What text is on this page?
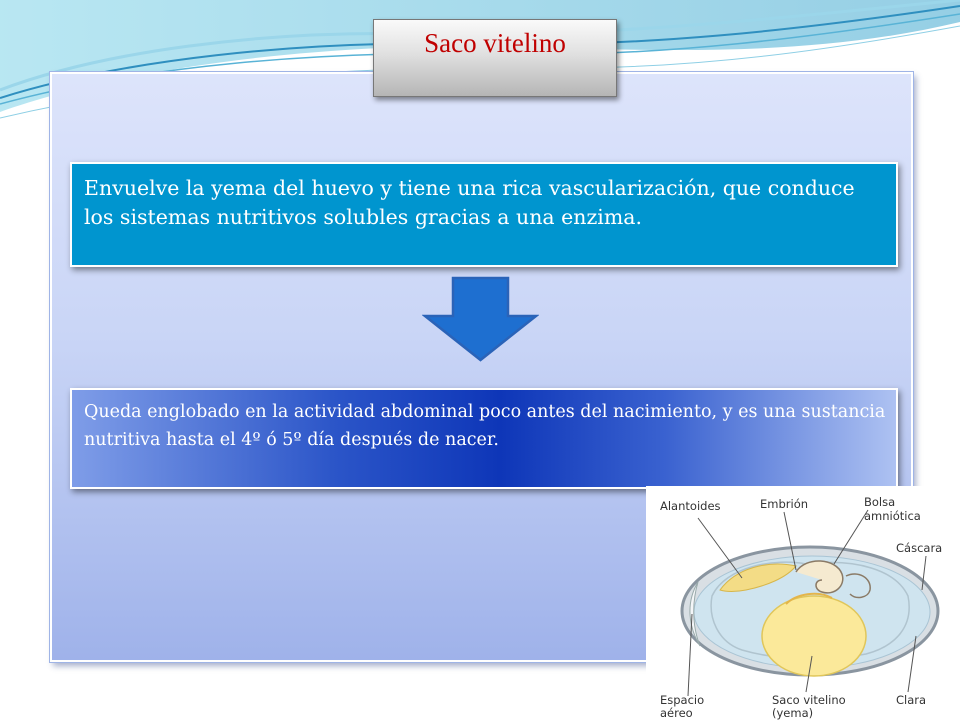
Saco vitelino

Envuelve la yema del huevo y tiene una rica vascularización, que conduce los sistemas nutritivos solubles gracias a una enzima.

Queda englobado en la actividad abdominal poco antes del nacimiento, y es una sustancia nutritiva hasta el 4º ó 5º día después de nacer.

Alantoides	Embrión	Bolsa
amniótica
Cáscara
Espacio
aéreo
Saco vitelino
(yema)
Clara
